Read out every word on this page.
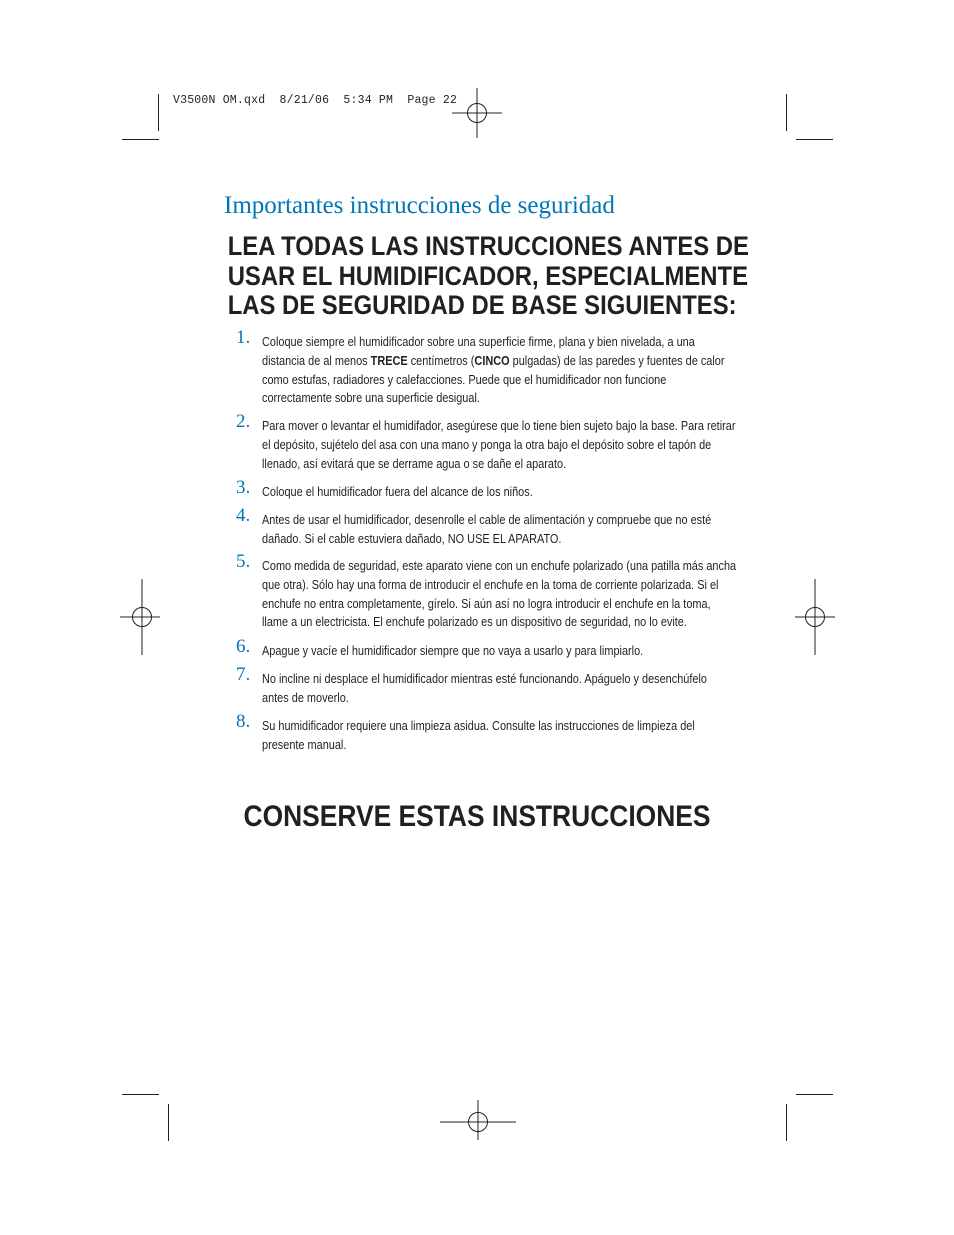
V3500N OM.qxd  8/21/06  5:34 PM  Page 22
Importantes instrucciones de seguridad
LEA TODAS LAS INSTRUCCIONES ANTES DE
USAR EL HUMIDIFICADOR, ESPECIALMENTE
LAS DE SEGURIDAD DE BASE SIGUIENTES:
1. Coloque siempre el humidificador sobre una superficie firme, plana y bien nivelada, a una
distancia de al menos TRECE centímetros (CINCO pulgadas) de las paredes y fuentes de calor
como estufas, radiadores y calefacciones. Puede que el humidificador non funcione
correctamente sobre una superficie desigual.
2. Para mover o levantar el humidifador, asegúrese que lo tiene bien sujeto bajo la base. Para retirar
el depósito, sujételo del asa con una mano y ponga la otra bajo el depósito sobre el tapón de
llenado, así evitará que se derrame agua o se dañe el aparato.
3. Coloque el humidificador fuera del alcance de los niños.
4. Antes de usar el humidificador, desenrolle el cable de alimentación y compruebe que no esté
dañado. Si el cable estuviera dañado, NO USE EL APARATO.
5. Como medida de seguridad, este aparato viene con un enchufe polarizado (una patilla más ancha
que otra). Sólo hay una forma de introducir el enchufe en la toma de corriente polarizada. Si el
enchufe no entra completamente, gírelo. Si aún así no logra introducir el enchufe en la toma,
llame a un electricista. El enchufe polarizado es un dispositivo de seguridad, no lo evite.
6. Apague y vacíe el humidificador siempre que no vaya a usarlo y para limpiarlo.
7. No incline ni desplace el humidificador mientras esté funcionando. Apáguelo y desenchúfelo
antes de moverlo.
8. Su humidificador requiere una limpieza asidua. Consulte las instrucciones de limpieza del
presente manual.
CONSERVE ESTAS INSTRUCCIONES
